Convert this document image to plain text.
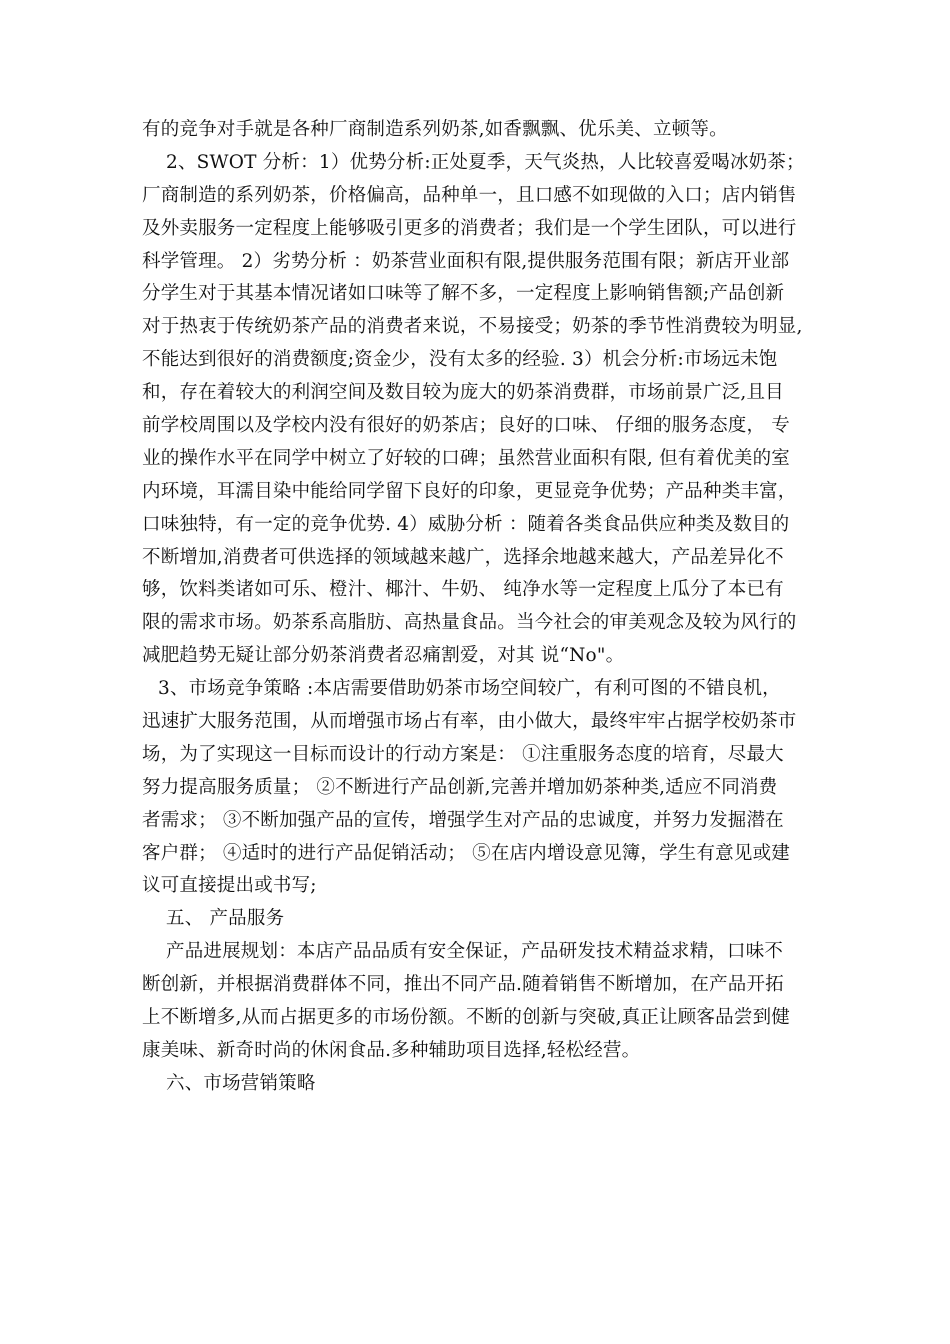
有的竞争对手就是各种厂商制造系列奶茶,如香飘飘、优乐美、立顿等。
2、SWOT 分析：1）优势分析:正处夏季，天气炎热，人比较喜爱喝冰奶茶；
厂商制造的系列奶茶，价格偏高，品种单一，且口感不如现做的入口；店内销售
及外卖服务一定程度上能够吸引更多的消费者；我们是一个学生团队，可以进行
科学管理。 2）劣势分析 ：奶茶营业面积有限,提供服务范围有限；新店开业部
分学生对于其基本情况诸如口味等了解不多，一定程度上影响销售额;产品创新
对于热衷于传统奶茶产品的消费者来说，不易接受；奶茶的季节性消费较为明显,
不能达到很好的消费额度;资金少，没有太多的经验. 3）机会分析:市场远未饱
和，存在着较大的利润空间及数目较为庞大的奶茶消费群，市场前景广泛,且目
前学校周围以及学校内没有很好的奶茶店；良好的口味、 仔细的服务态度， 专
业的操作水平在同学中树立了好较的口碑；虽然营业面积有限, 但有着优美的室
内环境，耳濡目染中能给同学留下良好的印象，更显竞争优势；产品种类丰富，
口味独特，有一定的竞争优势. 4）威胁分析 ：随着各类食品供应种类及数目的
不断增加,消费者可供选择的领域越来越广，选择余地越来越大，产品差异化不
够，饮料类诸如可乐、橙汁、椰汁、牛奶、 纯净水等一定程度上瓜分了本已有
限的需求市场。奶茶系高脂肪、高热量食品。当今社会的审美观念及较为风行的
减肥趋势无疑让部分奶茶消费者忍痛割爱，对其 说“No"。
3、市场竞争策略 :本店需要借助奶茶市场空间较广，有利可图的不错良机，
迅速扩大服务范围，从而增强市场占有率，由小做大，最终牢牢占据学校奶茶市
场，为了实现这一目标而设计的行动方案是： ①注重服务态度的培育，尽最大
努力提高服务质量； ②不断进行产品创新,完善并增加奶茶种类,适应不同消费
者需求； ③不断加强产品的宣传，增强学生对产品的忠诚度，并努力发掘潜在
客户群； ④适时的进行产品促销活动； ⑤在店内增设意见簿，学生有意见或建
议可直接提出或书写;
五、 产品服务
产品进展规划：本店产品品质有安全保证，产品研发技术精益求精，口味不
断创新，并根据消费群体不同，推出不同产品.随着销售不断增加，在产品开拓
上不断增多,从而占据更多的市场份额。不断的创新与突破,真正让顾客品尝到健
康美味、新奇时尚的休闲食品.多种辅助项目选择,轻松经营。
六、市场营销策略
